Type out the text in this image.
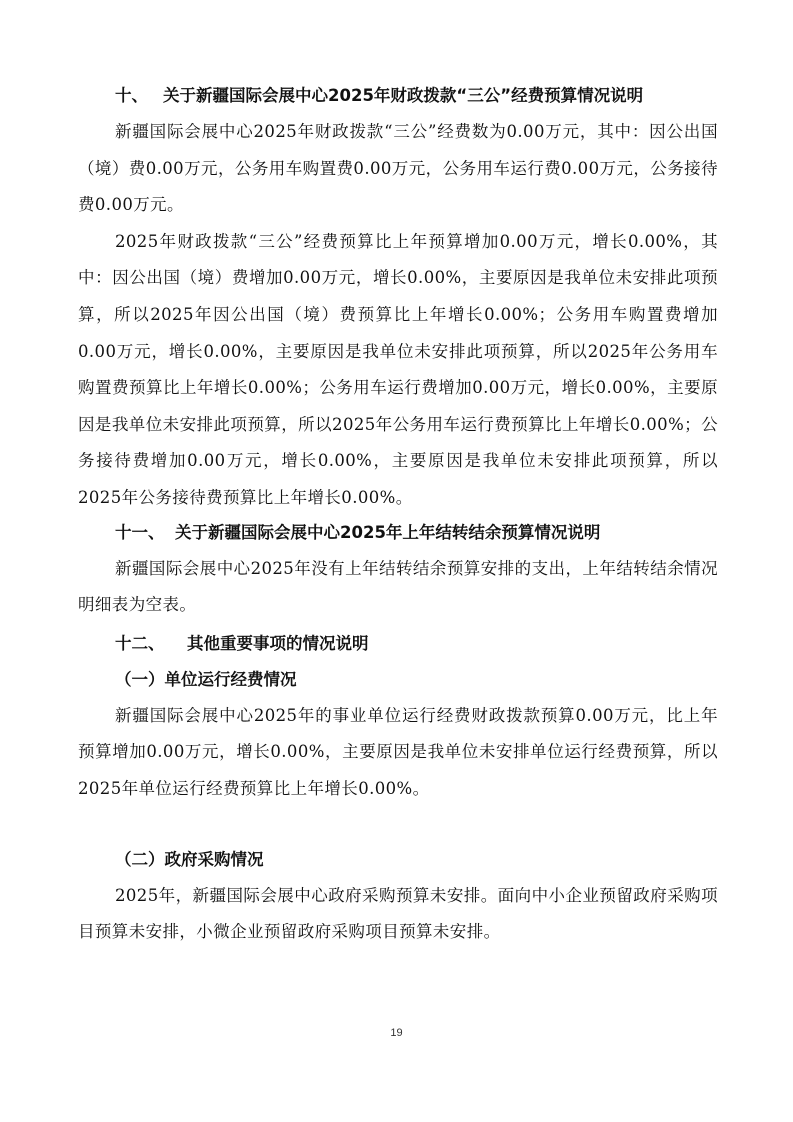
十、 关于新疆国际会展中心2025年财政拨款“三公”经费预算情况说明

新疆国际会展中心2025年财政拨款“三公”经费数为0.00万元，其中：因公出国（境）费0.00万元，公务用车购置费0.00万元，公务用车运行费0.00万元，公务接待费0.00万元。

2025年财政拨款“三公”经费预算比上年预算增加0.00万元，增长0.00%，其中：因公出国（境）费增加0.00万元，增长0.00%，主要原因是我单位未安排此项预算，所以2025年因公出国（境）费预算比上年增长0.00%；公务用车购置费增加0.00万元，增长0.00%，主要原因是我单位未安排此项预算，所以2025年公务用车购置费预算比上年增长0.00%；公务用车运行费增加0.00万元，增长0.00%，主要原因是我单位未安排此项预算，所以2025年公务用车运行费预算比上年增长0.00%；公务接待费增加0.00万元，增长0.00%，主要原因是我单位未安排此项预算，所以2025年公务接待费预算比上年增长0.00%。

十一、 关于新疆国际会展中心2025年上年结转结余预算情况说明

新疆国际会展中心2025年没有上年结转结余预算安排的支出，上年结转结余情况明细表为空表。

十二、 其他重要事项的情况说明
（一）单位运行经费情况

新疆国际会展中心2025年的事业单位运行经费财政拨款预算0.00万元，比上年预算增加0.00万元，增长0.00%，主要原因是我单位未安排单位运行经费预算，所以2025年单位运行经费预算比上年增长0.00%。

（二）政府采购情况

2025年，新疆国际会展中心政府采购预算未安排。面向中小企业预留政府采购项目预算未安排，小微企业预留政府采购项目预算未安排。

19
